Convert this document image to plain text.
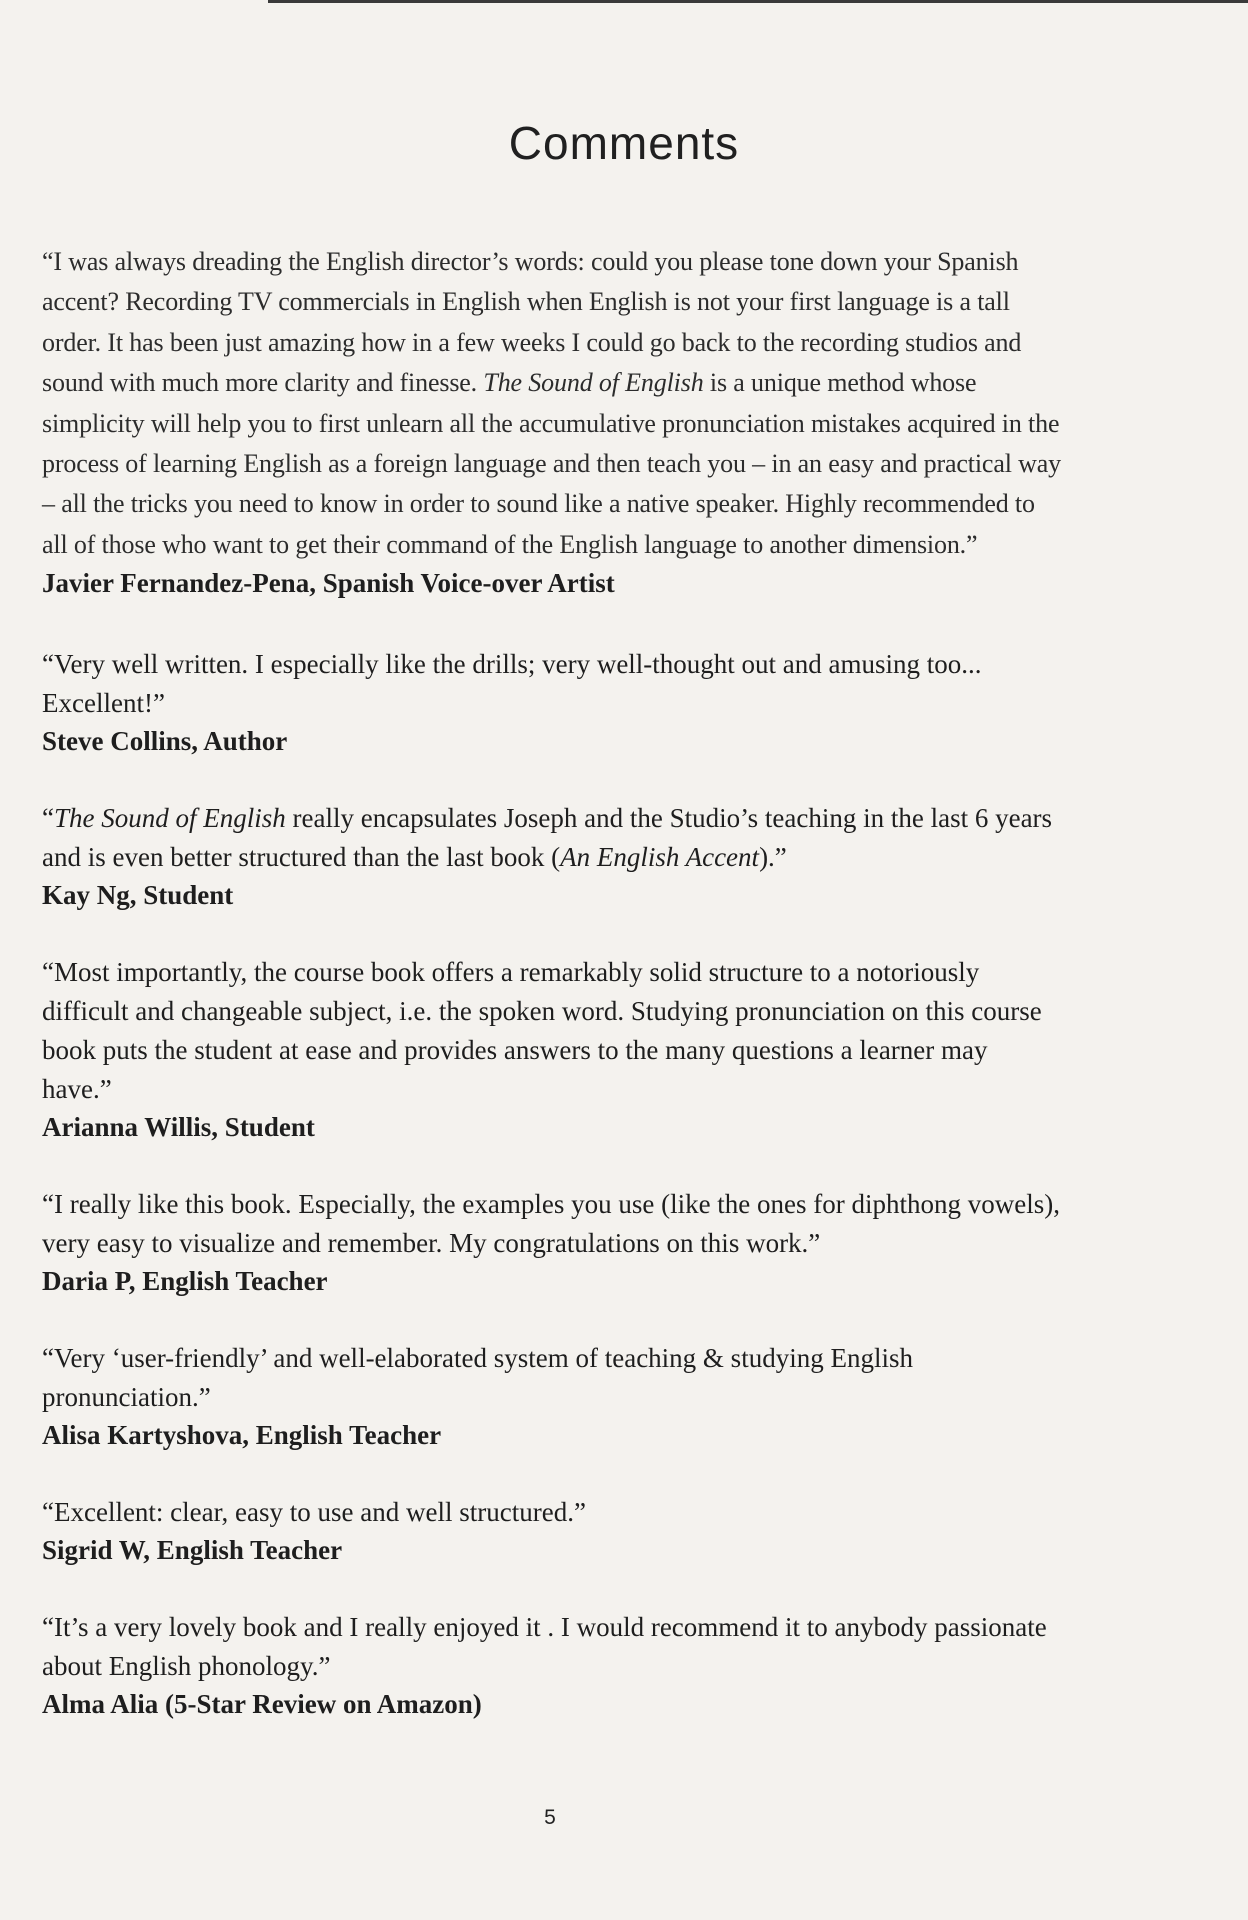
Comments

“I was always dreading the English director’s words: could you please tone down your Spanish accent? Recording TV commercials in English when English is not your first language is a tall order. It has been just amazing how in a few weeks I could go back to the recording studios and sound with much more clarity and finesse. The Sound of English is a unique method whose simplicity will help you to first unlearn all the accumulative pronunciation mistakes acquired in the process of learning English as a foreign language and then teach you – in an easy and practical way – all the tricks you need to know in order to sound like a native speaker. Highly recommended to all of those who want to get their command of the English language to another dimension.”

Javier Fernandez-Pena, Spanish Voice-over Artist

“Very well written. I especially like the drills; very well-thought out and amusing too... Excellent!”

Steve Collins, Author

“The Sound of English really encapsulates Joseph and the Studio’s teaching in the last 6 years and is even better structured than the last book (An English Accent).”

Kay Ng, Student

“Most importantly, the course book offers a remarkably solid structure to a notoriously difficult and changeable subject, i.e. the spoken word. Studying pronunciation on this course book puts the student at ease and provides answers to the many questions a learner may have.”

Arianna Willis, Student

“I really like this book. Especially, the examples you use (like the ones for diphthong vowels), very easy to visualize and remember. My congratulations on this work.”

Daria P, English Teacher

“Very ‘user-friendly’ and well-elaborated system of teaching & studying English pronunciation.”

Alisa Kartyshova, English Teacher

“Excellent: clear, easy to use and well structured.”

Sigrid W, English Teacher

“It’s a very lovely book and I really enjoyed it . I would recommend it to anybody passionate about English phonology.”

Alma Alia (5-Star Review on Amazon)

5
